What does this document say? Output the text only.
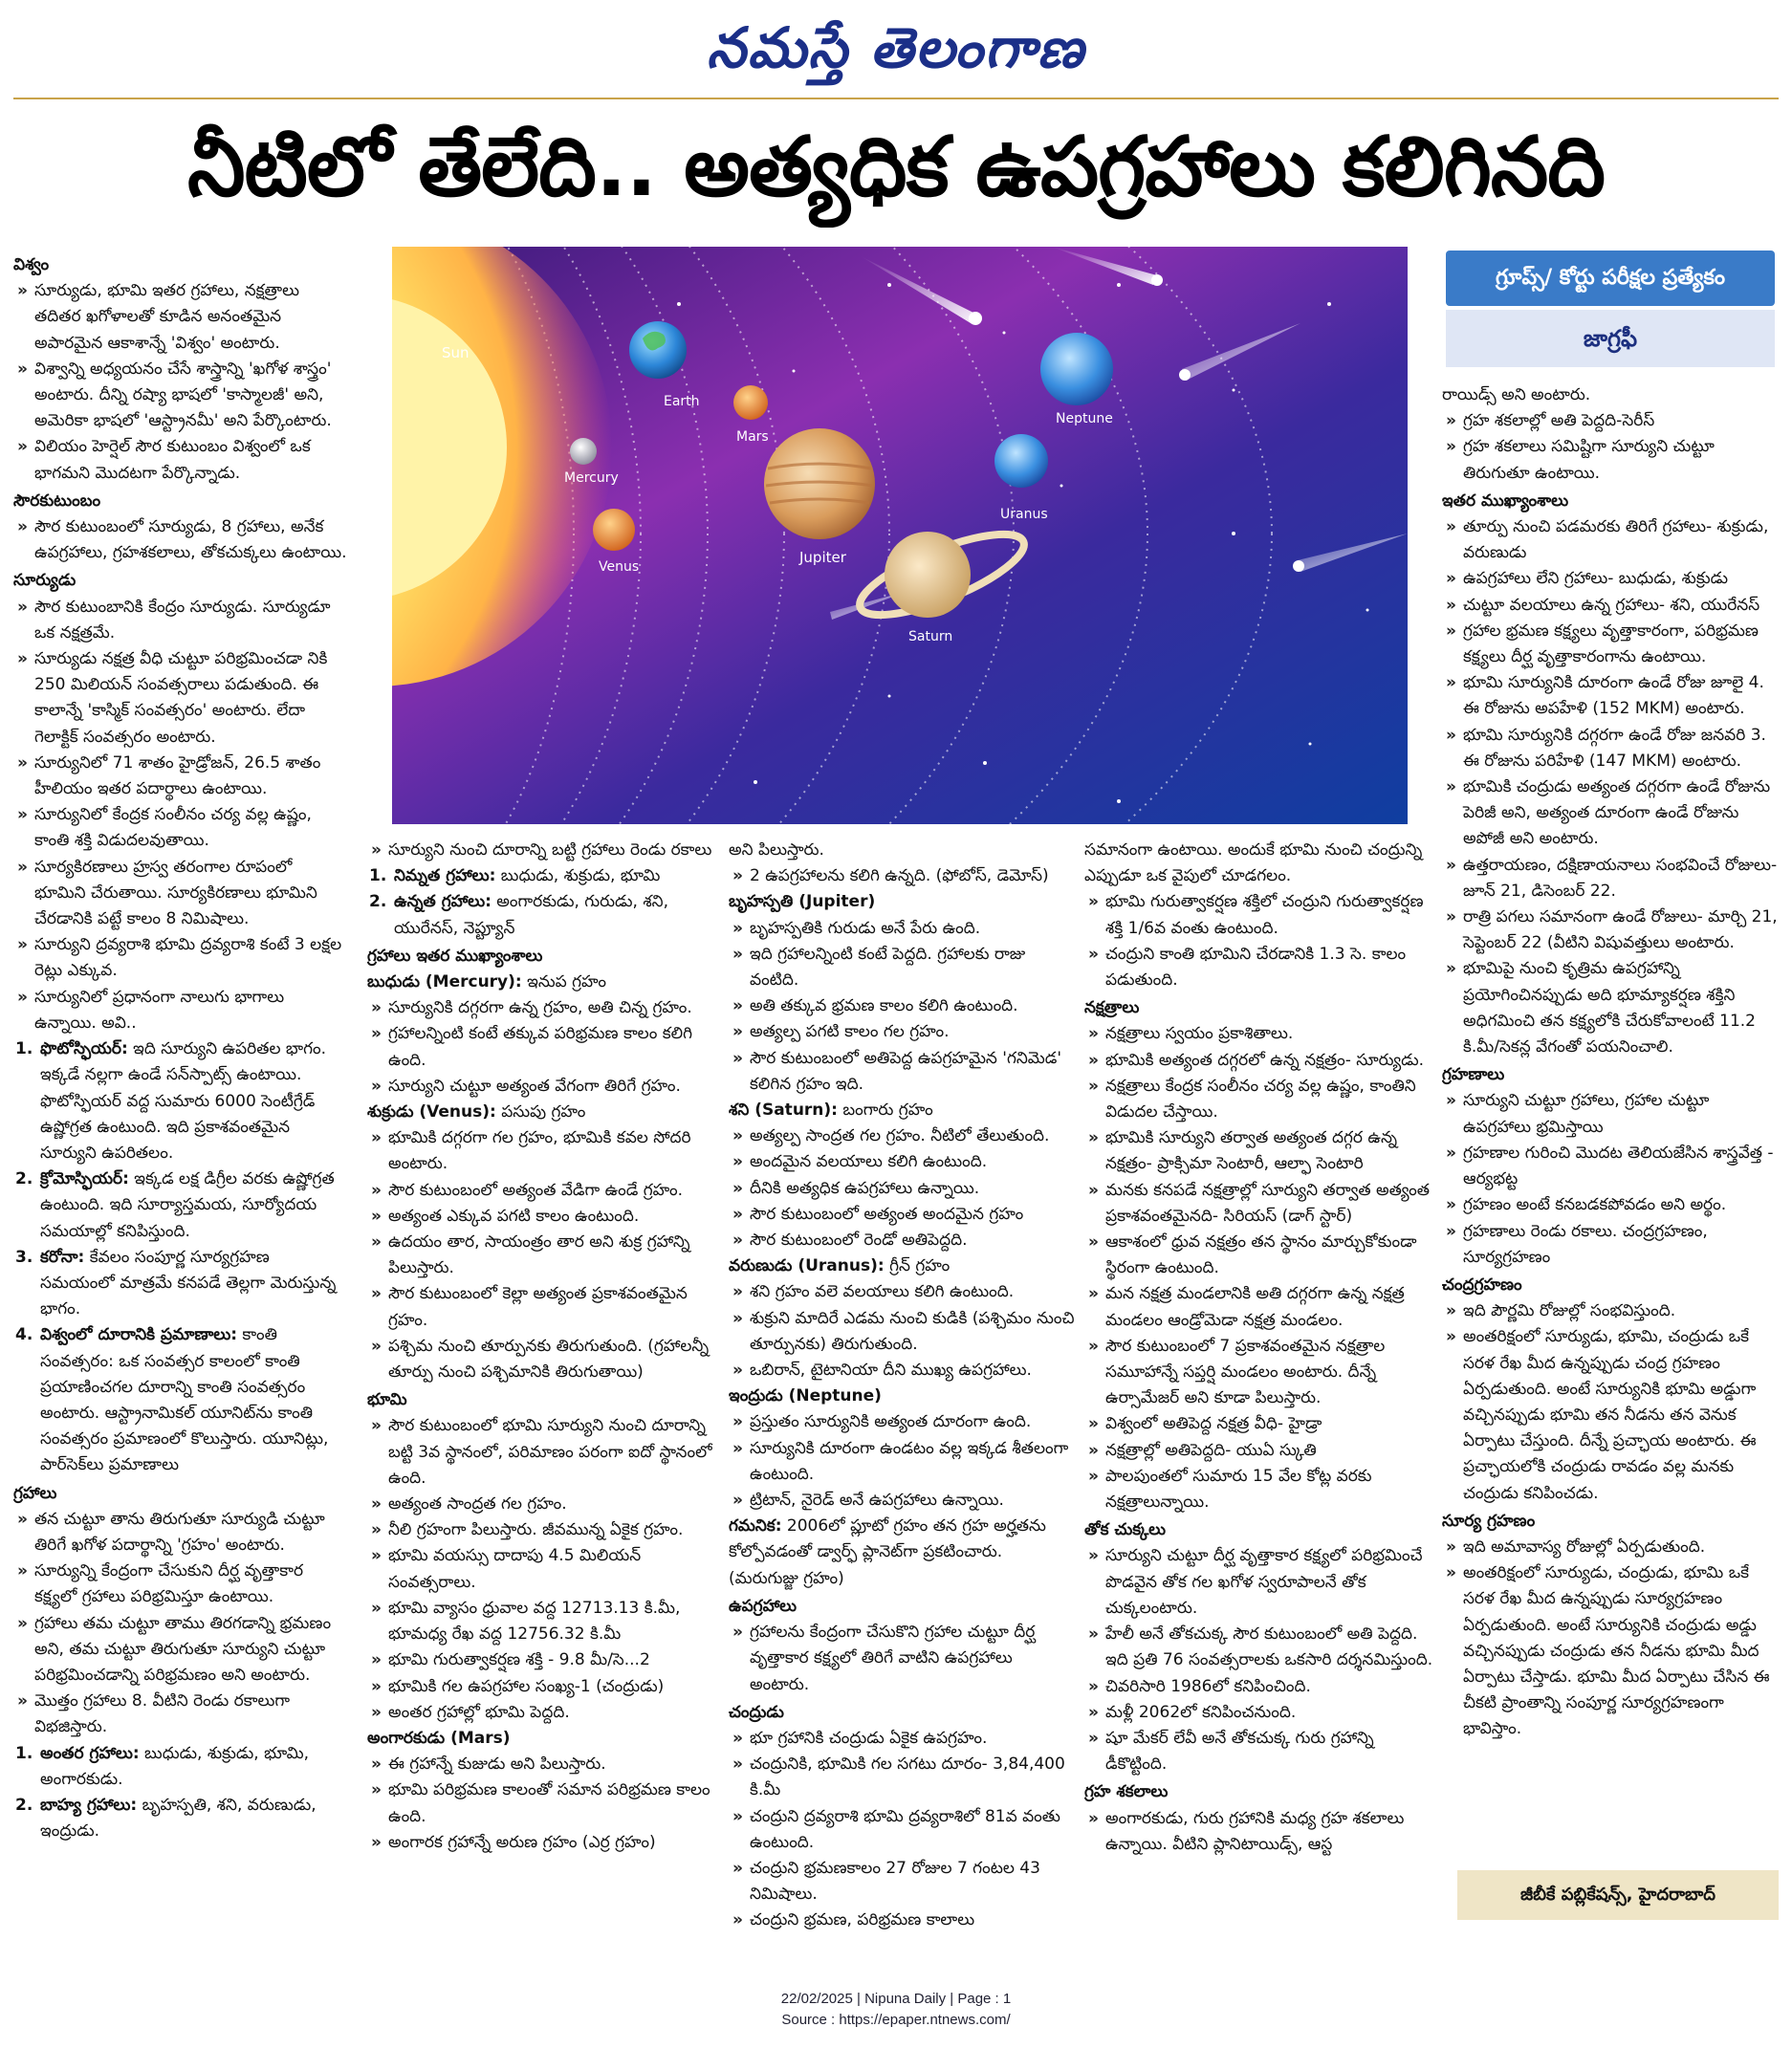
నమస్తే తెలంగాణ
నీటిలో తేలేది.. అత్యధిక ఉపగ్రహాలు కలిగినది
Sun
Mercury
Venus
Earth
Mars
Jupiter
Saturn
Uranus
Neptune
గ్రూప్స్‌/ కోర్టు పరీక్షల ప్రత్యేకం
జాగ్రఫీ
విశ్వం
» సూర్యుడు, భూమి ఇతర గ్రహాలు, నక్షత్రాలు తదితర ఖగోళాలతో కూడిన అనంతమైన అపారమైన ఆకాశాన్నే 'విశ్వం' అంటారు.
» విశ్వాన్ని అధ్యయనం చేసే శాస్త్రాన్ని 'ఖగోళ శాస్త్రం' అంటారు. దీన్ని రష్యా భాషలో 'కాస్మాలజీ' అని, అమెరికా భాషలో 'ఆస్ట్రానమీ' అని పేర్కొంటారు.
» విలియం హెర్షెల్ సౌర కుటుంబం విశ్వంలో ఒక భాగమని మొదటగా పేర్కొన్నాడు.
సౌరకుటుంబం
» సౌర కుటుంబంలో సూర్యుడు, 8 గ్రహాలు, అనేక ఉపగ్రహాలు, గ్రహశకలాలు, తోకచుక్కలు ఉంటాయి.
సూర్యుడు
» సౌర కుటుంబానికి కేంద్రం సూర్యుడు. సూర్యుడూ ఒక నక్షత్రమే.
» సూర్యుడు నక్షత్ర వీధి చుట్టూ పరిభ్రమించడా నికి 250 మిలియన్ సంవత్సరాలు పడుతుంది. ఈ కాలాన్నే 'కాస్మిక్ సంవత్సరం' అంటారు. లేదా గెలాక్టిక్ సంవత్సరం అంటారు.
» సూర్యునిలో 71 శాతం హైడ్రోజన్, 26.5 శాతం హీలియం ఇతర పదార్థాలు ఉంటాయి.
» సూర్యునిలో కేంద్రక సంలీనం చర్య వల్ల ఉష్ణం, కాంతి శక్తి విడుదలవుతాయి.
» సూర్యకిరణాలు హ్రస్వ తరంగాల రూపంలో భూమిని చేరుతాయి. సూర్యకిరణాలు భూమిని చేరడానికి పట్టే కాలం 8 నిమిషాలు.
» సూర్యుని ద్రవ్యరాశి భూమి ద్రవ్యరాశి కంటే 3 లక్షల రెట్లు ఎక్కువ.
» సూర్యునిలో ప్రధానంగా నాలుగు భాగాలు ఉన్నాయి. అవి..
1. ఫొటోస్ఫియర్: ఇది సూర్యుని ఉపరితల భాగం. ఇక్కడే నల్లగా ఉండే సన్‌స్పాట్స్ ఉంటాయి. ఫొటోస్ఫియర్ వద్ద సుమారు 6000 సెంటీగ్రేడ్ ఉష్ణోగ్రత ఉంటుంది. ఇది ప్రకాశవంతమైన సూర్యుని ఉపరితలం.
2. క్రోమోస్ఫియర్: ఇక్కడ లక్ష డిగ్రీల వరకు ఉష్ణోగ్రత ఉంటుంది. ఇది సూర్యాస్తమయ, సూర్యోదయ సమయాల్లో కనిపిస్తుంది.
3. కరోనా: కేవలం సంపూర్ణ సూర్యగ్రహణ సమయంలో మాత్రమే కనపడే తెల్లగా మెరుస్తున్న భాగం.
4. విశ్వంలో దూరానికి ప్రమాణాలు: కాంతి సంవత్సరం: ఒక సంవత్సర కాలంలో కాంతి ప్రయాణించగల దూరాన్ని కాంతి సంవత్సరం అంటారు. ఆస్ట్రానామికల్ యూనిట్‌ను కాంతి సంవత్సరం ప్రమాణంలో కొలుస్తారు. యూనిట్లు, పార్‌సెక్‌లు ప్రమాణాలు
గ్రహాలు
» తన చుట్టూ తాను తిరుగుతూ సూర్యుడి చుట్టూ తిరిగే ఖగోళ పదార్థాన్ని 'గ్రహం' అంటారు.
» సూర్యున్ని కేంద్రంగా చేసుకుని దీర్ఘ వృత్తాకార కక్ష్యలో గ్రహాలు పరిభ్రమిస్తూ ఉంటాయి.
» గ్రహాలు తమ చుట్టూ తాము తిరగడాన్ని భ్రమణం అని, తమ చుట్టూ తిరుగుతూ సూర్యుని చుట్టూ పరిభ్రమించడాన్ని పరిభ్రమణం అని అంటారు.
» మొత్తం గ్రహాలు 8. వీటిని రెండు రకాలుగా విభజిస్తారు.
1. అంతర గ్రహాలు: బుధుడు, శుక్రుడు, భూమి, అంగారకుడు.
2. బాహ్య గ్రహాలు: బృహస్పతి, శని, వరుణుడు, ఇంద్రుడు.
» సూర్యుని నుంచి దూరాన్ని బట్టి గ్రహాలు రెండు రకాలు
1. నిమ్నత గ్రహాలు: బుధుడు, శుక్రుడు, భూమి
2. ఉన్నత గ్రహాలు: అంగారకుడు, గురుడు, శని, యురేనస్, నెప్ట్యూన్
గ్రహాలు ఇతర ముఖ్యాంశాలు
బుధుడు (Mercury): ఇనుప గ్రహం
» సూర్యునికి దగ్గరగా ఉన్న గ్రహం, అతి చిన్న గ్రహం.
» గ్రహాలన్నింటి కంటే తక్కువ పరిభ్రమణ కాలం కలిగి ఉంది.
» సూర్యుని చుట్టూ అత్యంత వేగంగా తిరిగే గ్రహం.
శుక్రుడు (Venus): పసుపు గ్రహం
» భూమికి దగ్గరగా గల గ్రహం, భూమికి కవల సోదరి అంటారు.
» సౌర కుటుంబంలో అత్యంత వేడిగా ఉండే గ్రహం.
» అత్యంత ఎక్కువ పగటి కాలం ఉంటుంది.
» ఉదయం తార, సాయంత్రం తార అని శుక్ర గ్రహాన్ని పిలుస్తారు.
» సౌర కుటుంబంలో కెల్లా అత్యంత ప్రకాశవంతమైన గ్రహం.
» పశ్చిమ నుంచి తూర్పునకు తిరుగుతుంది. (గ్రహాలన్నీ తూర్పు నుంచి పశ్చిమానికి తిరుగుతాయి)
భూమి
» సౌర కుటుంబంలో భూమి సూర్యుని నుంచి దూరాన్ని బట్టి 3వ స్థానంలో, పరిమాణం పరంగా ఐదో స్థానంలో ఉంది.
» అత్యంత సాంద్రత గల గ్రహం.
» నీలి గ్రహంగా పిలుస్తారు. జీవమున్న ఏకైక గ్రహం.
» భూమి వయస్సు దాదాపు 4.5 మిలియన్ సంవత్సరాలు.
» భూమి వ్యాసం ధ్రువాల వద్ద 12713.13 కి.మీ, భూమధ్య రేఖ వద్ద 12756.32 కి.మీ
» భూమి గురుత్వాకర్షణ శక్తి - 9.8 మీ/సె...2
» భూమికి గల ఉపగ్రహాల సంఖ్య-1 (చంద్రుడు)
» అంతర గ్రహాల్లో భూమి పెద్దది.
అంగారకుడు (Mars)
» ఈ గ్రహాన్నే కుజుడు అని పిలుస్తారు.
» భూమి పరిభ్రమణ కాలంతో సమాన పరిభ్రమణ కాలం ఉంది.
» అంగారక గ్రహాన్నే అరుణ గ్రహం (ఎర్ర గ్రహం)
అని పిలుస్తారు.
» 2 ఉపగ్రహాలను కలిగి ఉన్నది. (ఫోబోస్, డెమోస్)
బృహస్పతి (Jupiter)
» బృహస్పతికి గురుడు అనే పేరు ఉంది.
» ఇది గ్రహాలన్నింటి కంటే పెద్దది. గ్రహాలకు రాజు వంటిది.
» అతి తక్కువ భ్రమణ కాలం కలిగి ఉంటుంది.
» అత్యల్ప పగటి కాలం గల గ్రహం.
» సౌర కుటుంబంలో అతిపెద్ద ఉపగ్రహమైన 'గనిమెడ' కలిగిన గ్రహం ఇది.
శని (Saturn): బంగారు గ్రహం
» అత్యల్ప సాంద్రత గల గ్రహం. నీటిలో తేలుతుంది.
» అందమైన వలయాలు కలిగి ఉంటుంది.
» దీనికి అత్యధిక ఉపగ్రహాలు ఉన్నాయి.
» సౌర కుటుంబంలో అత్యంత అందమైన గ్రహం
» సౌర కుటుంబంలో రెండో అతిపెద్దది.
వరుణుడు (Uranus): గ్రీన్ గ్రహం
» శని గ్రహం వలె వలయాలు కలిగి ఉంటుంది.
» శుక్రుని మాదిరే ఎడమ నుంచి కుడికి (పశ్చిమం నుంచి తూర్పునకు) తిరుగుతుంది.
» ఒబిరాన్, టైటానియా దీని ముఖ్య ఉపగ్రహాలు.
ఇంద్రుడు (Neptune)
» ప్రస్తుతం సూర్యునికి అత్యంత దూరంగా ఉంది.
» సూర్యునికి దూరంగా ఉండటం వల్ల ఇక్కడ శీతలంగా ఉంటుంది.
» ట్రిటాన్, నైరెడ్ అనే ఉపగ్రహాలు ఉన్నాయి.
గమనిక: 2006లో ప్లూటో గ్రహం తన గ్రహ అర్హతను కోల్పోవడంతో డ్వార్ఫ్ ప్లానెట్‌గా ప్రకటించారు. (మరుగుజ్జు గ్రహం)
ఉపగ్రహాలు
» గ్రహాలను కేంద్రంగా చేసుకొని గ్రహాల చుట్టూ దీర్ఘ వృత్తాకార కక్ష్యలో తిరిగే వాటిని ఉపగ్రహాలు అంటారు.
చంద్రుడు
» భూ గ్రహానికి చంద్రుడు ఏకైక ఉపగ్రహం.
» చంద్రునికి, భూమికి గల సగటు దూరం- 3,84,400 కి.మీ
» చంద్రుని ద్రవ్యరాశి భూమి ద్రవ్యరాశిలో 81వ వంతు ఉంటుంది.
» చంద్రుని భ్రమణకాలం 27 రోజుల 7 గంటల 43 నిమిషాలు.
» చంద్రుని భ్రమణ, పరిభ్రమణ కాలాలు
సమానంగా ఉంటాయి. అందుకే భూమి నుంచి చంద్రున్ని ఎప్పుడూ ఒక వైపులో చూడగలం.
» భూమి గురుత్వాకర్షణ శక్తిలో చంద్రుని గురుత్వాకర్షణ శక్తి 1/6వ వంతు ఉంటుంది.
» చంద్రుని కాంతి భూమిని చేరడానికి 1.3 సె. కాలం పడుతుంది.
నక్షత్రాలు
» నక్షత్రాలు స్వయం ప్రకాశితాలు.
» భూమికి అత్యంత దగ్గరలో ఉన్న నక్షత్రం- సూర్యుడు.
» నక్షత్రాలు కేంద్రక సంలీనం చర్య వల్ల ఉష్ణం, కాంతిని విడుదల చేస్తాయి.
» భూమికి సూర్యుని తర్వాత అత్యంత దగ్గర ఉన్న నక్షత్రం- ప్రాక్సిమా సెంటారీ, ఆల్ఫా సెంటారి
» మనకు కనపడే నక్షత్రాల్లో సూర్యుని తర్వాత అత్యంత ప్రకాశవంతమైనది- సిరియస్ (డాగ్ స్టార్)
» ఆకాశంలో ధ్రువ నక్షత్రం తన స్థానం మార్చుకోకుండా స్థిరంగా ఉంటుంది.
» మన నక్షత్ర మండలానికి అతి దగ్గరగా ఉన్న నక్షత్ర మండలం ఆండ్రోమెడా నక్షత్ర మండలం.
» సౌర కుటుంబంలో 7 ప్రకాశవంతమైన నక్షత్రాల సమూహాన్నే సప్తర్షి మండలం అంటారు. దీన్నే ఉర్సామేజర్ అని కూడా పిలుస్తారు.
» విశ్వంలో అతిపెద్ద నక్షత్ర వీధి- హైడ్రా
» నక్షత్రాల్లో అతిపెద్దది- యుఏ స్కుతి
» పాలపుంతలో సుమారు 15 వేల కోట్ల వరకు నక్షత్రాలున్నాయి.
తోక చుక్కలు
» సూర్యుని చుట్టూ దీర్ఘ వృత్తాకార కక్ష్యలో పరిభ్రమించే పొడవైన తోక గల ఖగోళ స్వరూపాలనే తోక చుక్కలంటారు.
» హేలీ అనే తోకచుక్క సౌర కుటుంబంలో అతి పెద్దది. ఇది ప్రతి 76 సంవత్సరాలకు ఒకసారి దర్శనమిస్తుంది.
» చివరిసారి 1986లో కనిపించింది.
» మళ్లీ 2062లో కనిపించనుంది.
» షూ మేకర్ లేవీ అనే తోకచుక్క గురు గ్రహాన్ని డీకొట్టింది.
గ్రహ శకలాలు
» అంగారకుడు, గురు గ్రహానికి మధ్య గ్రహ శకలాలు ఉన్నాయి. వీటిని ప్లానిటాయిడ్స్, ఆస్ట
రాయిడ్స్ అని అంటారు.
» గ్రహ శకలాల్లో అతి పెద్దది-సెరీస్
» గ్రహ శకలాలు సమిష్టిగా సూర్యుని చుట్టూ తిరుగుతూ ఉంటాయి.
ఇతర ముఖ్యాంశాలు
» తూర్పు నుంచి పడమరకు తిరిగే గ్రహాలు- శుక్రుడు, వరుణుడు
» ఉపగ్రహాలు లేని గ్రహాలు- బుధుడు, శుక్రుడు
» చుట్టూ వలయాలు ఉన్న గ్రహాలు- శని, యురేనస్
» గ్రహాల భ్రమణ కక్ష్యలు వృత్తాకారంగా, పరిభ్రమణ కక్ష్యలు దీర్ఘ వృత్తాకారంగాను ఉంటాయి.
» భూమి సూర్యునికి దూరంగా ఉండే రోజు జూలై 4. ఈ రోజును అపహేళి (152 MKM) అంటారు.
» భూమి సూర్యునికి దగ్గరగా ఉండే రోజు జనవరి 3. ఈ రోజును పరిహేళి (147 MKM) అంటారు.
» భూమికి చంద్రుడు అత్యంత దగ్గరగా ఉండే రోజును పెరిజీ అని, అత్యంత దూరంగా ఉండే రోజును అపోజీ అని అంటారు.
» ఉత్తరాయణం, దక్షిణాయనాలు సంభవించే రోజులు- జూన్ 21, డిసెంబర్ 22.
» రాత్రి పగలు సమానంగా ఉండే రోజులు- మార్చి 21, సెప్టెంబర్ 22 (వీటిని విషువత్తులు అంటారు.
» భూమిపై నుంచి కృత్రిమ ఉపగ్రహాన్ని ప్రయోగించినప్పుడు అది భూమ్యాకర్షణ శక్తిని అధిగమించి తన కక్ష్యలోకి చేరుకోవాలంటే 11.2 కి.మీ/సెకన్ల వేగంతో పయనించాలి.
గ్రహణాలు
» సూర్యుని చుట్టూ గ్రహాలు, గ్రహాల చుట్టూ ఉపగ్రహాలు భ్రమిస్తాయి
» గ్రహణాల గురించి మొదట తెలియజేసిన శాస్త్రవేత్త - ఆర్యభట్ట
» గ్రహణం అంటే కనబడకపోవడం అని అర్థం.
» గ్రహణాలు రెండు రకాలు. చంద్రగ్రహణం, సూర్యగ్రహణం
చంద్రగ్రహణం
» ఇది పౌర్ణమి రోజుల్లో సంభవిస్తుంది.
» అంతరిక్షంలో సూర్యుడు, భూమి, చంద్రుడు ఒకే సరళ రేఖ మీద ఉన్నప్పుడు చంద్ర గ్రహణం ఏర్పడుతుంది. అంటే సూర్యునికి భూమి అడ్డుగా వచ్చినప్పుడు భూమి తన నీడను తన వెనుక ఏర్పాటు చేస్తుంది. దీన్నే ప్రచ్ఛాయ అంటారు. ఈ ప్రచ్ఛాయలోకి చంద్రుడు రావడం వల్ల మనకు చంద్రుడు కనిపించడు.
సూర్య గ్రహణం
» ఇది అమావాస్య రోజుల్లో ఏర్పడుతుంది.
» అంతరిక్షంలో సూర్యుడు, చంద్రుడు, భూమి ఒకే సరళ రేఖ మీద ఉన్నప్పుడు సూర్యగ్రహణం ఏర్పడుతుంది. అంటే సూర్యునికి చంద్రుడు అడ్డు వచ్చినప్పుడు చంద్రుడు తన నీడను భూమి మీద ఏర్పాటు చేస్తాడు. భూమి మీద ఏర్పాటు చేసిన ఈ చీకటి ప్రాంతాన్ని సంపూర్ణ సూర్యగ్రహణంగా భావిస్తాం.
జీబీకే పబ్లికేషన్స్, హైదరాబాద్
22/02/2025 | Nipuna Daily | Page : 1
Source : https://epaper.ntnews.com/
